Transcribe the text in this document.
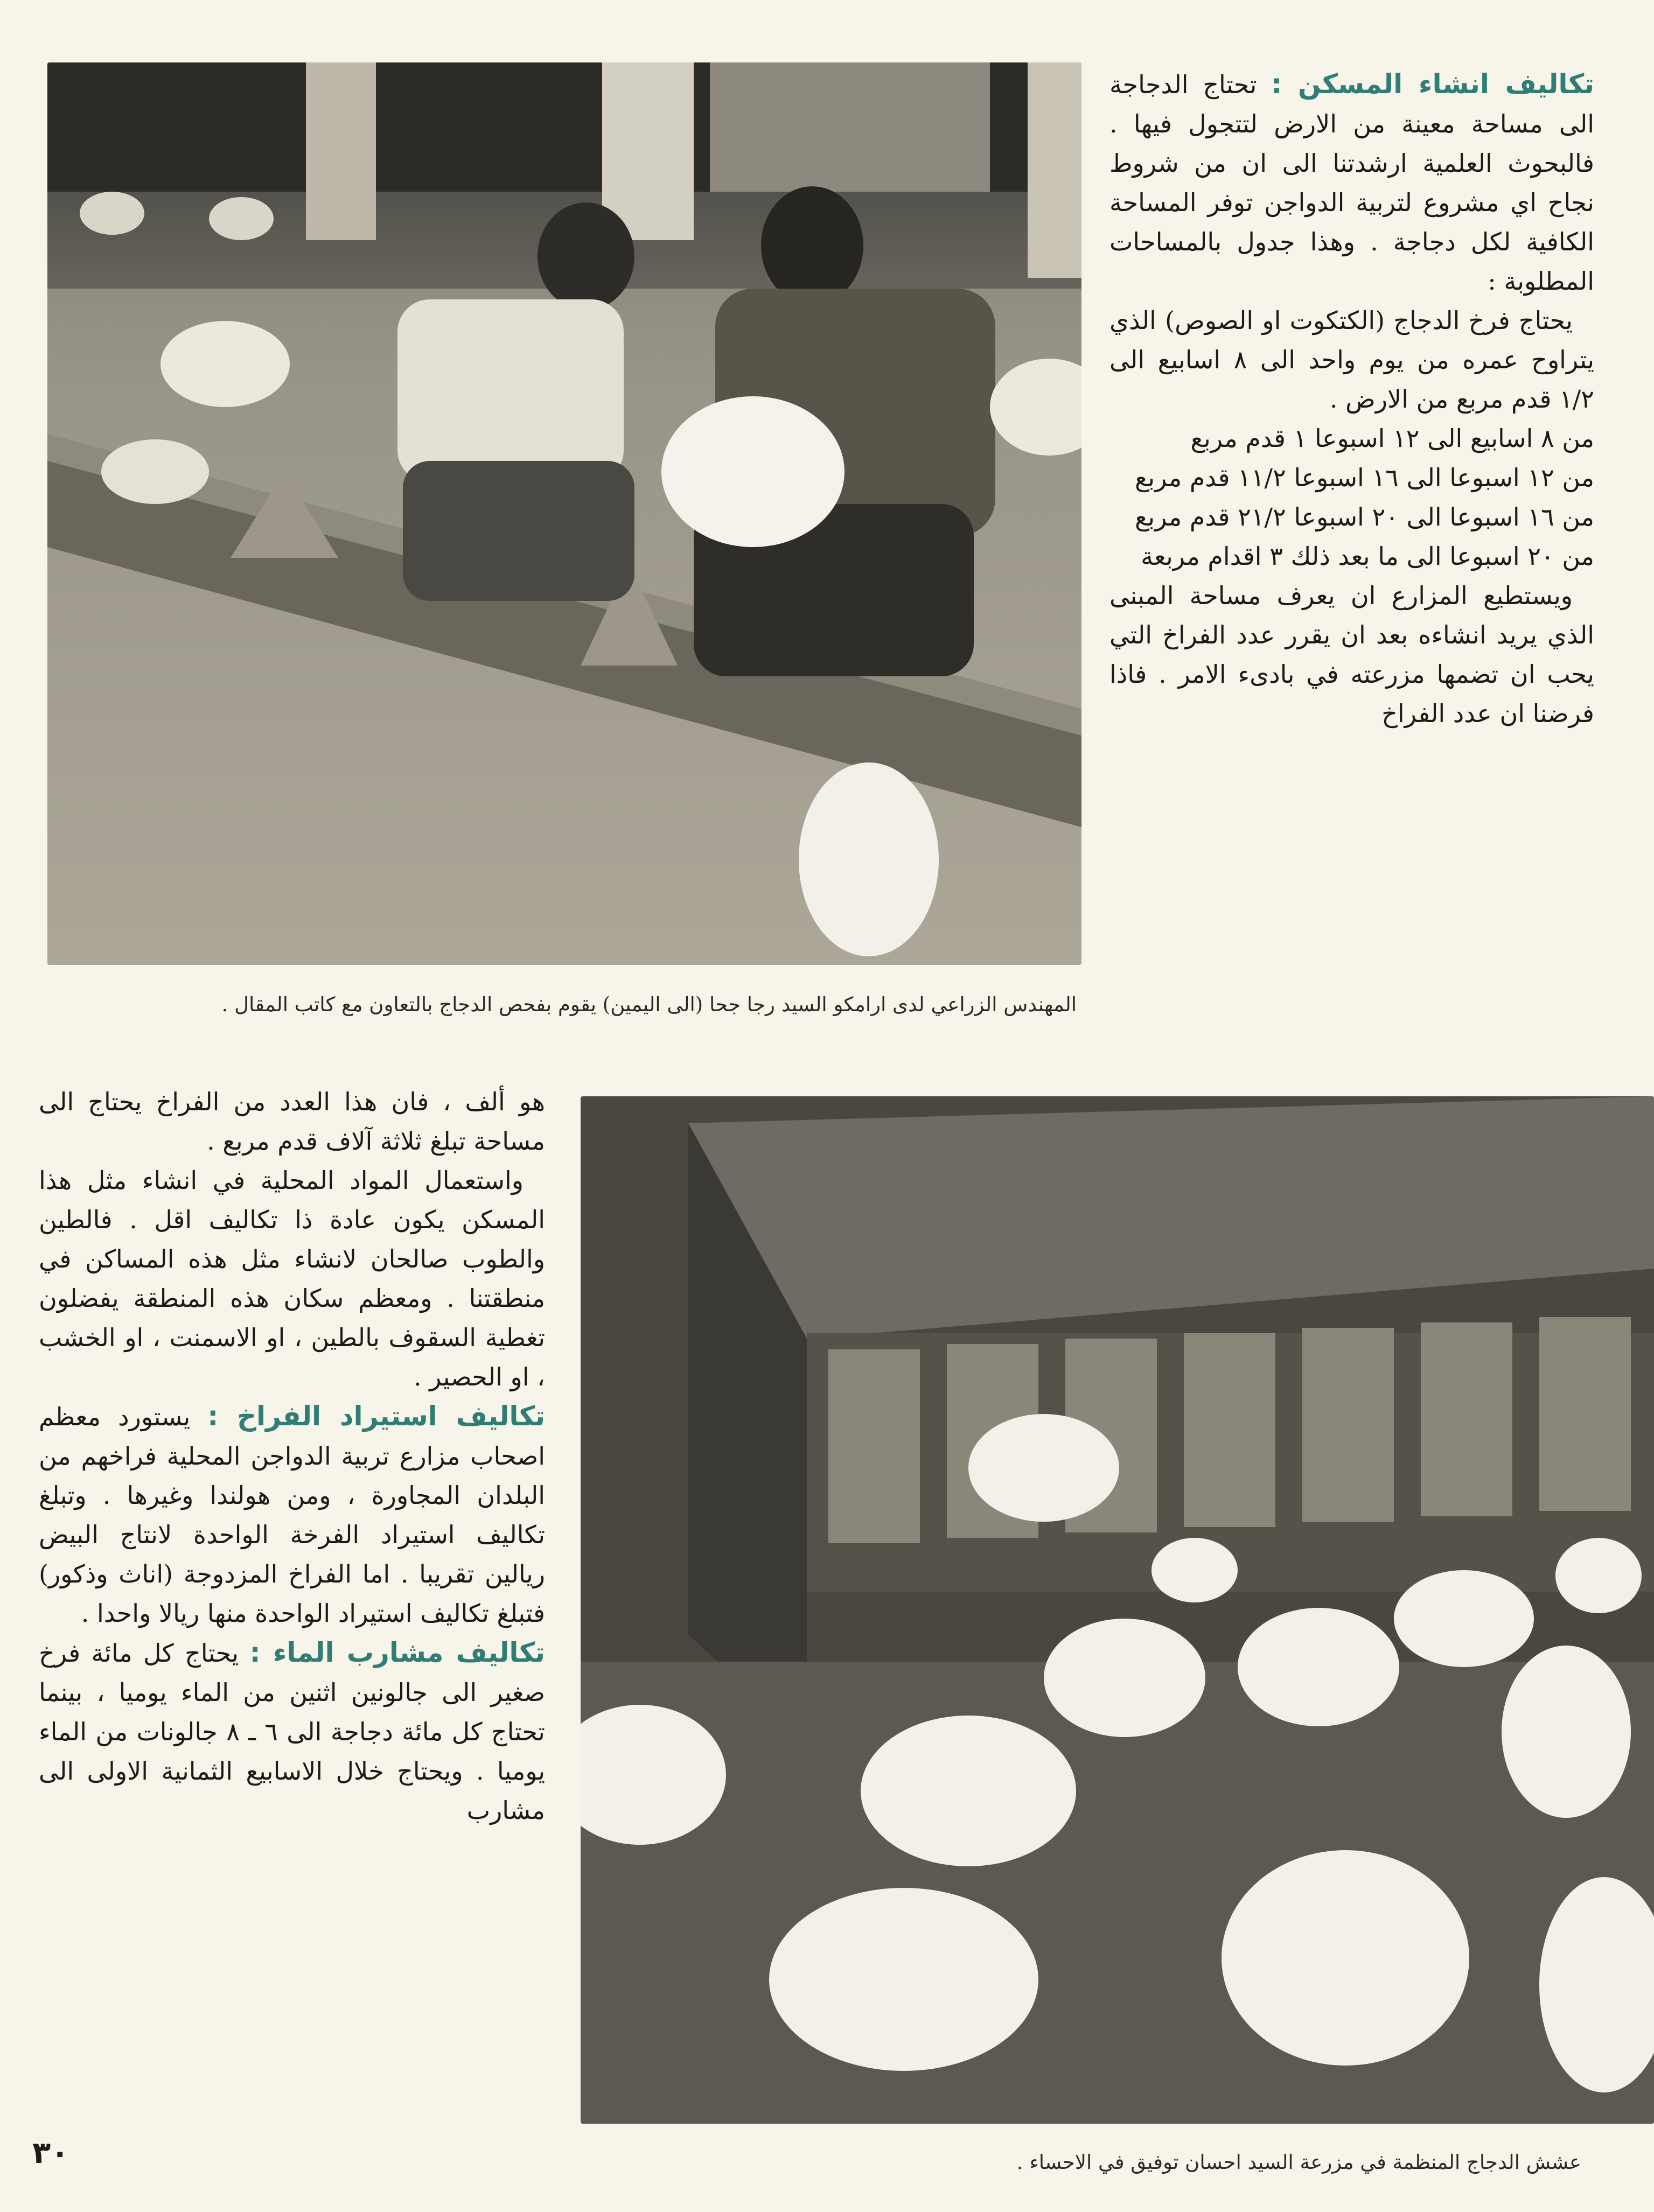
المهندس الزراعي لدى ارامكو السيد رجا جحا (الى اليمين) يقوم بفحص الدجاج بالتعاون مع كاتب المقال .

تكاليف انشاء المسكن : تحتاج الدجاجة الى مساحة معينة من الارض لتتجول فيها . فالبحوث العلمية ارشدتنا الى ان من شروط نجاح اي مشروع لتربية الدواجن توفر المساحة الكافية لكل دجاجة . وهذا جدول بالمساحات المطلوبة :

يحتاج فرخ الدجاج (الكتكوت او الصوص) الذي يتراوح عمره من يوم واحد الى ٨ اسابيع الى ١/٢ قدم مربع من الارض .

من ٨ اسابيع الى ١٢ اسبوعا ١ قدم مربع

من ١٢ اسبوعا الى ١٦ اسبوعا ١١/٢ قدم مربع

من ١٦ اسبوعا الى ٢٠ اسبوعا ٢١/٢ قدم مربع

من ٢٠ اسبوعا الى ما بعد ذلك ٣ اقدام مربعة

ويستطيع المزارع ان يعرف مساحة المبنى الذي يريد انشاءه بعد ان يقرر عدد الفراخ التي يحب ان تضمها مزرعته في بادىء الامر . فاذا فرضنا ان عدد الفراخ

عشش الدجاج المنظمة في مزرعة السيد احسان توفيق في الاحساء .

هو ألف ، فان هذا العدد من الفراخ يحتاج الى مساحة تبلغ ثلاثة آلاف قدم مربع .

واستعمال المواد المحلية في انشاء مثل هذا المسكن يكون عادة ذا تكاليف اقل . فالطين والطوب صالحان لانشاء مثل هذه المساكن في منطقتنا . ومعظم سكان هذه المنطقة يفضلون تغطية السقوف بالطين ، او الاسمنت ، او الخشب ، او الحصير .

تكاليف استيراد الفراخ : يستورد معظم اصحاب مزارع تربية الدواجن المحلية فراخهم من البلدان المجاورة ، ومن هولندا وغيرها . وتبلغ تكاليف استيراد الفرخة الواحدة لانتاج البيض ريالين تقريبا . اما الفراخ المزدوجة (اناث وذكور) فتبلغ تكاليف استيراد الواحدة منها ريالا واحدا .

تكاليف مشارب الماء : يحتاج كل مائة فرخ صغير الى جالونين اثنين من الماء يوميا ، بينما تحتاج كل مائة دجاجة الى ٦ ـ ٨ جالونات من الماء يوميا . ويحتاج خلال الاسابيع الثمانية الاولى الى مشارب

٣٠
